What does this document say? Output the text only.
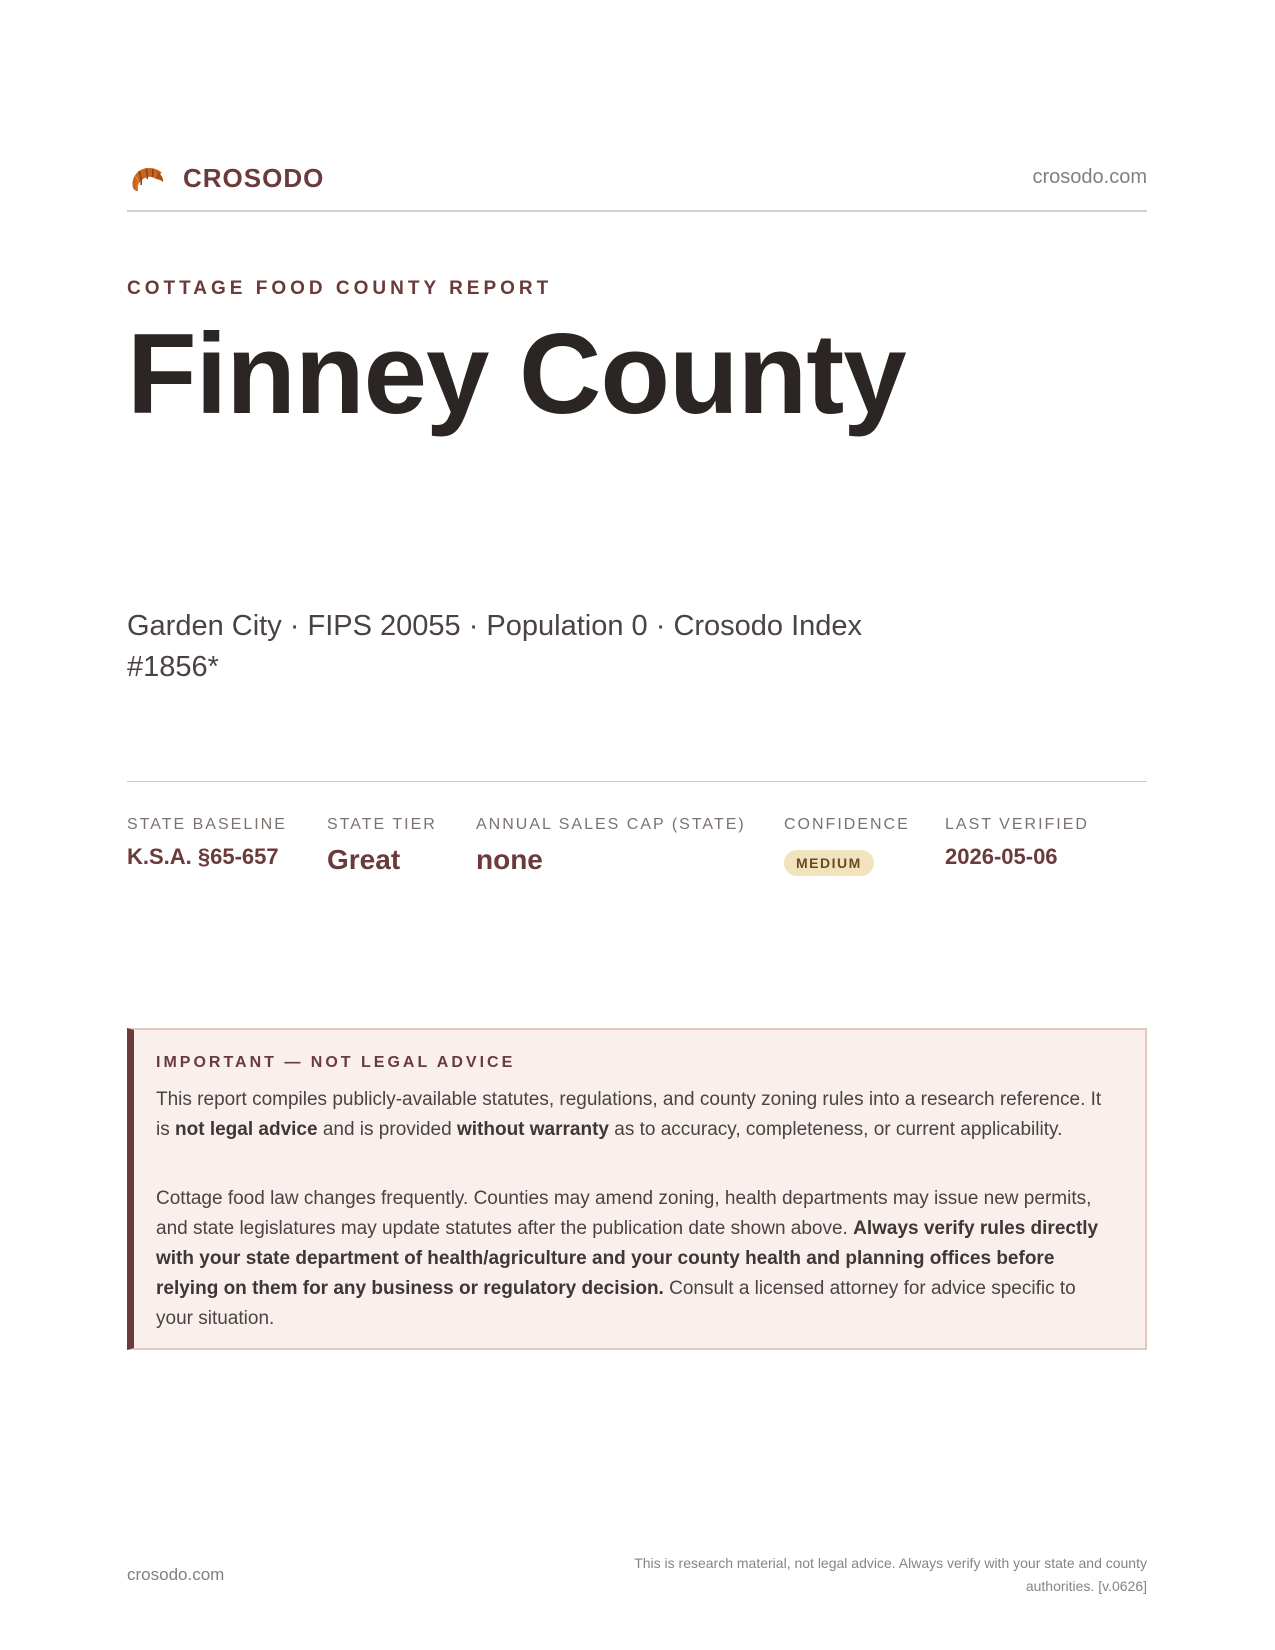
CROSODO	crosodo.com
COTTAGE FOOD COUNTY REPORT
Finney County
Garden City · FIPS 20055 · Population 0 · Crosodo Index #1856*
STATE BASELINE
K.S.A. §65-657
STATE TIER
Great
ANNUAL SALES CAP (STATE)
none
CONFIDENCE
MEDIUM
LAST VERIFIED
2026-05-06
IMPORTANT — NOT LEGAL ADVICE

This report compiles publicly-available statutes, regulations, and county zoning rules into a research reference. It is not legal advice and is provided without warranty as to accuracy, completeness, or current applicability.

Cottage food law changes frequently. Counties may amend zoning, health departments may issue new permits, and state legislatures may update statutes after the publication date shown above. Always verify rules directly with your state department of health/agriculture and your county health and planning offices before relying on them for any business or regulatory decision. Consult a licensed attorney for advice specific to your situation.

crosodo.com
This is research material, not legal advice. Always verify with your state and county authorities. [v.0626]
